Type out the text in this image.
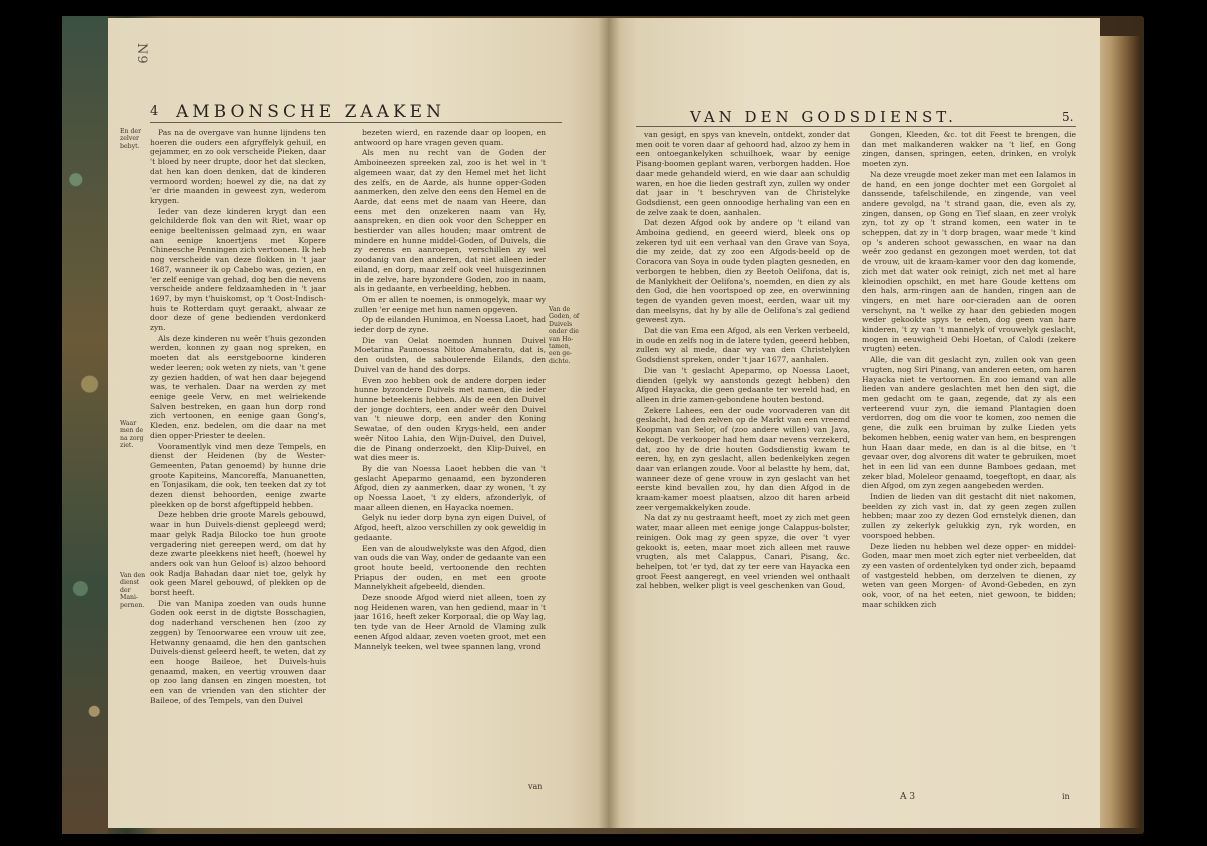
N9
4 AMBONSCHE ZAAKEN
En der zelver bebyt.
Waar men de na zorg ziet.
Van den dienst der Mani-pernen.

Pas na de overgave van hunne lijndens ten hoeren die ouders een afgryffelyk gehuil, en gejammer, en zo ook verscheide Pieken, daar 't bloed by neer drupte, door het dat slecken, dat hen kan doen denken, dat de kinderen vermoord worden; hoewel zy die, na dat zy 'er drie maanden in geweest zyn, wederom krygen.

Ieder van deze kinderen krygt dan een gelchilderde flok van den wit Riet, waar op eenige beeltenissen gelmaad zyn, en waar aan eenige knoertjens met Kopere Chineesche Penningen zich vertoonen. Ik heb nog verscheide van deze flokken in 't jaar 1687, wanneer ik op Cabebo was, gezien, en 'er zelf eenige van gehad, dog ben die nevens verscheide andere feldzaamheden in 't jaar 1697, by myn t'huiskomst, op 't Oost-Indisch-huis te Rotterdam quyt geraakt, alwaar ze door deze of gene bedienden verdonkerd zyn.

Als deze kinderen nu weêr t'huis gezonden werden, konnen zy gaan nog spreken, en moeten dat als eerstgeboorne kinderen weder leeren; ook weten zy niets, van 't gene zy gezien hadden, of wat hen daar bejegend was, te verhalen. Daar na werden zy met eenige geele Verw, en met welriekende Salven bestreken, en gaan hun dorp rond zich vertoonen, en eenige gaan Gong's, Kleden, enz. bedelen, om die daar na met dien opper-Priester te deelen.

Vooramentlyk vind men deze Tempels, en dienst der Heidenen (by de Wester-Gemeenten, Patan genoemd) by hunne drie groote Kapiteins, Mancoreffa, Manuanetten, en Tonjasikam, die ook, ten teeken dat zy tot dezen dienst behoorden, eenige zwarte pleekken op de borst afgeftippeld hebben.

Deze hebben drie groote Marels gebouwd, waar in hun Duivels-dienst gepleegd werd; maar gelyk Radja Bilocko toe hun groote vergadering niet gereepen werd, om dat hy deze zwarte pleekkens niet heeft, (hoewel hy anders ook van hun Geloof is) alzoo behoord ook Radja Bahadan daar niet toe, gelyk hy ook geen Marel gebouwd, of plekken op de borst heeft.

Die van Manipa zoeden van ouds hunne Goden ook eerst in de digtste Bosschagien, dog naderhand verschenen hen (zoo zy zeggen) by Tenoorwaree een vrouw uit zee, Hetwanny genaamd, die hen den gantschen Duivels-dienst geleerd heeft, te weten, dat zy een hooge Baileoe, het Duivels-huis genaamd, maken, en veertig vrouwen daar op zoo lang dansen en zingen moesten, tot een van de vrienden van den stichter der Baileoe, of des Tempels, van den Duivel

bezeten wierd, en razende daar op loopen, en antwoord op hare vragen geven quam.

Als men nu recht van de Goden der Amboineezen spreeken zal, zoo is het wel in 't algemeen waar, dat zy den Hemel met het licht des zelfs, en de Aarde, als hunne opper-Goden aanmerken, den zelve den eens den Hemel en de Aarde, dat eens met de naam van Heere, dan eens met den onzekeren naam van Hy, aanspreken, en dien ook voor den Schepper en bestierder van alles houden; maar omtrent de mindere en hunne middel-Goden, of Duivels, die zy eerens en aanroepen, verschillen zy wel zoodanig van den anderen, dat niet alleen ieder eiland, en dorp, maar zelf ook veel huisgezinnen in de zelve, hare byzondere Goden, zoo in naam, als in gedaante, en verbeelding, hebben.

Om er allen te noemen, is onmogelyk, maar wy zullen 'er eenige met hun namen opgeven.

Op de eilanden Hunimoa, en Noessa Laoet, had ieder dorp de zyne.

Die van Oelat noemden hunnen Duivel Moetarina Paunoessa Nitoo Amaheratu, dat is, den oudsten, de saboulerende Eilands, den Duivel van de hand des dorps.

Even zoo hebben ook de andere dorpen ieder hunne byzondere Duivels met namen, die ieder hunne beteekenis hebben. Als de een den Duivel der jonge dochters, een ander weêr den Duivel van 't nieuwe dorp, een ander den Koning Sewatae, of den ouden Krygs-held, een ander weêr Nitoo Lahia, den Wijn-Duivel, den Duivel, die de Pinang onderzoekt, den Klip-Duivel, en wat dies meer is.

By die van Noessa Laoet hebben die van 't geslacht Apeparmo genaamd, een byzonderen Afgod, dien zy aanmerken, daar zy wonen, 't zy op Noessa Laoet, 't zy elders, afzonderlyk, of maar alleen dienen, en Hayacka noemen.

Gelyk nu ieder dorp byna zyn eigen Duivel, of Afgod, heeft, alzoo verschillen zy ook geweldig in gedaante.

Een van de aloudwelykste was den Afgod, dien van ouds die van Way, onder de gedaante van een groot houte beeld, vertoonende den rechten Priapus der ouden, en met een groote Mannelykheit afgebeeld, dienden.

Deze snoode Afgod wierd niet alleen, toen zy nog Heidenen waren, van hen gediend, maar in 't jaar 1616, heeft zeker Korporaal, die op Way lag, ten tyde van de Heer Arnold de Vlaming zulk eenen Afgod aldaar, zeven voeten groot, met een Mannelyk teeken, wel twee spannen lang, vrond

Van de Goden, of Duivels onder die van Ho-tamen, een ge-dichte.
van
VAN DEN GODSDIENST.	5.

van gesigt, en spys van kneveln, ontdekt, zonder dat men ooit te voren daar af gehoord had, alzoo zy hem in een ontoegankelyken schuilhoek, waar by eenige Pisang-boomen geplant waren, verborgen hadden. Hoe daar mede gehandeld wierd, en wie daar aan schuldig waren, en hoe die lieden gestraft zyn, zullen wy onder dat jaar in 't beschryven van de Christelyke Godsdienst, een geen onnoodige herhaling van een en de zelve zaak te doen, aanhalen.

Dat dezen Afgod ook by andere op 't eiland van Amboina gediend, en geeerd wierd, bleek ons op zekeren tyd uit een verhaal van den Grave van Soya, die my zeide, dat zy zoo een Afgods-beeld op de Coracora van Soya in oude tyden plagten gesneden, en verborgen te hebben, dien zy Beetoh Oelifona, dat is, de Manlykheit der Oelifona's, noemden, en dien zy als den God, die hen voortspoed op zee, en overwinning tegen de vyanden geven moest, eerden, waar uit my dan meelsyns, dat hy by alle de Oelifona's zal gediend geweest zyn.

Dat die van Ema een Afgod, als een Verken verbeeld, in oude en zelfs nog in de latere tyden, geeerd hebben, zullen wy al mede, daar wy van den Christelyken Godsdienst spreken, onder 't jaar 1677, aanhalen.

Die van 't geslacht Apeparmo, op Noessa Laoet, dienden (gelyk wy aanstonds gezegt hebben) den Afgod Hayacka, die geen gedaante ter wereld had, en alleen in drie zamen-gebondene houten bestond.

Zekere Lahees, een der oude voorvaderen van dit geslacht, had den zelven op de Markt van een vreemd Koopman van Selor, of (zoo andere willen) van Java, gekogt. De verkooper had hem daar nevens verzekerd, dat, zoo hy de drie houten Godsdienstig kwam te eeren, hy, en zyn geslacht, allen bedenkelyken zegen daar van erlangen zoude. Voor al belastte hy hem, dat, wanneer deze of gene vrouw in zyn geslacht van het eerste kind bevallen zou, hy dan dien Afgod in de kraam-kamer moest plaatsen, alzoo dit haren arbeid zeer vergemakkelyken zoude.

Na dat zy nu gestraamt heeft, moet zy zich met geen water, maar alleen met eenige jonge Calappus-bolster, reinigen. Ook mag zy geen spyze, die over 't vyer gekookt is, eeten, maar moet zich alleen met rauwe vrugten, als met Calappus, Canari, Pisang, &c. behelpen, tot 'er tyd, dat zy ter eere van Hayacka een groot Feest aangeregt, en veel vrienden wel onthaalt zal hebben, welker pligt is veel geschenken van Goud,

Gongen, Kleeden, &c. tot dit Feest te brengen, die dan met malkanderen wakker na 't lief, en Gong zingen, dansen, springen, eeten, drinken, en vrolyk moeten zyn.

Na deze vreugde moet zeker man met een Ialamos in de hand, en een jonge dochter met een Gorgolet al danssende, tafelschilende, en zingende, van veel andere gevolgd, na 't strand gaan, die, even als zy, zingen, dansen, op Gong en Tief slaan, en zeer vrolyk zyn, tot zy op 't strand komen, een water in te scheppen, dat zy in 't dorp bragen, waar mede 't kind op 's anderen schoot gewasschen, en waar na dan weêr zoo gedanst en gezongen moet werden, tot dat de vrouw, uit de kraam-kamer voor den dag komende, zich met dat water ook reinigt, zich net met al hare kleinodien opschikt, en met hare Goude kettens om den hals, arm-ringen aan de handen, ringen aan de vingers, en met hare oor-cieraden aan de ooren verschynt, na 't welke zy haar den gebieden mogen weder gekookte spys te eeten, dog geen van hare kinderen, 't zy van 't mannelyk of vrouwelyk geslacht, mogen in eeuwigheid Oebi Hoetan, of Calodi (zekere vrugten) eeten.

Alle, die van dit geslacht zyn, zullen ook van geen vrugten, nog Siri Pinang, van anderen eeten, om haren Hayacka niet te vertoornen. En zoo iemand van alle lieden van andere geslachten met hen den sigt, die men gedacht om te gaan, zegende, dat zy als een verteerend vuur zyn, die iemand Plantagien doen verdorren, dog om die voor te komen, zoo nemen die gene, die zulk een bruiman by zulke Lieden yets bekomen hebben, eenig water van hem, en besprengen hun Haan daar mede, en dan is al die bitse, en 't gevaar over, dog alvorens dit water te gebruiken, moet het in een lid van een dunne Bamboes gedaan, met zeker blad, Moleleor genaamd, toegeftopt, en daar, als dien Afgod, om zyn zegen aangebeden werden.

Indien de lieden van dit gestacht dit niet nakomen, beelden zy zich vast in, dat zy geen zegen zullen hebben; maar zoo zy dezen God ernstelyk dienen, dan zullen zy zekerlyk gelukkig zyn, ryk worden, en voorspoed hebben.

Deze lieden nu hebben wel deze opper- en middel-Goden, maar men moet zich egter niet verbeelden, dat zy een vasten of ordentelyken tyd onder zich, bepaamd of vastgesteld hebben, om derzelven te dienen, zy weten van geen Morgen- of Avond-Gebeden, en zyn ook, voor, of na het eeten, niet gewoon, te bidden; maar schikken zich

A 3	in
